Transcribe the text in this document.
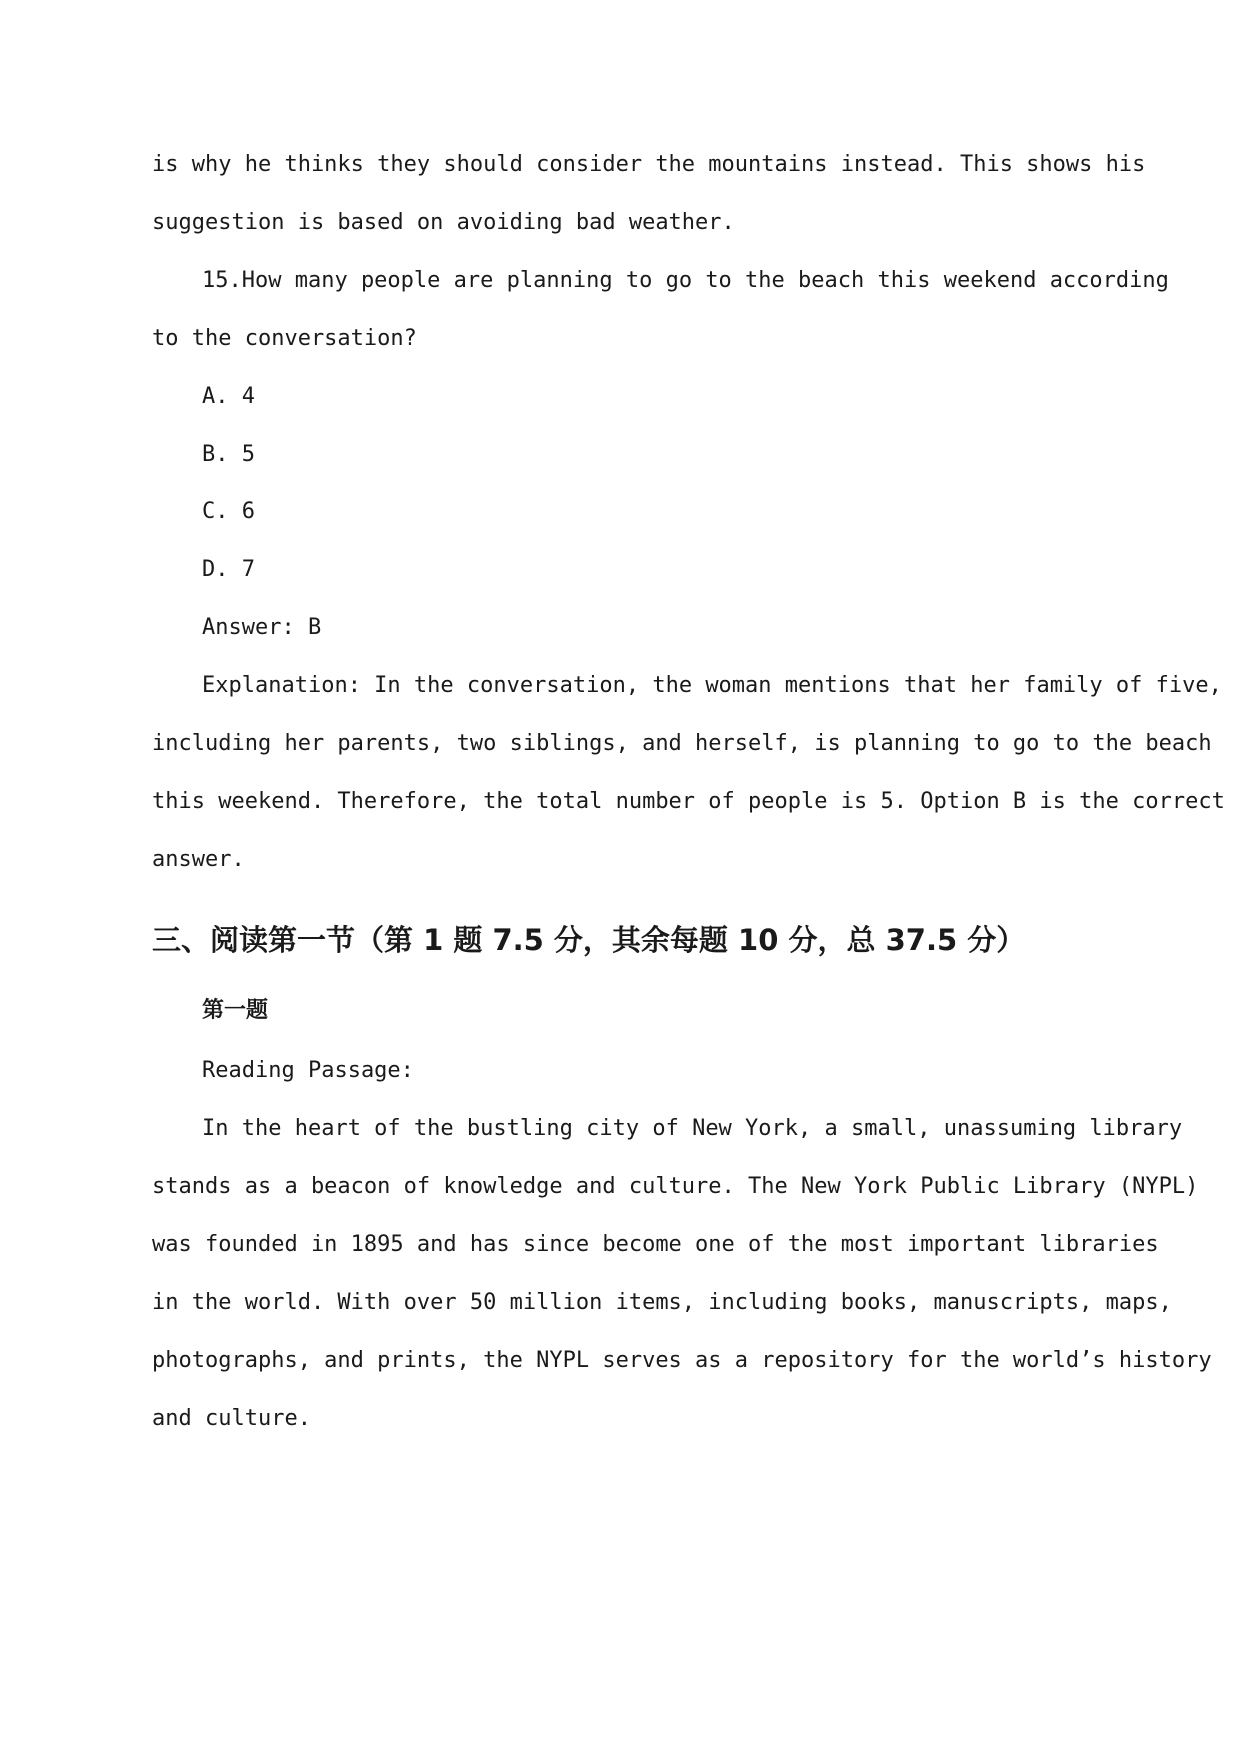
is why he thinks they should consider the mountains instead. This shows his
suggestion is based on avoiding bad weather.
15.How many people are planning to go to the beach this weekend according
to the conversation?
A. 4
B. 5
C. 6
D. 7
Answer: B
Explanation: In the conversation, the woman mentions that her family of five,
including her parents, two siblings, and herself, is planning to go to the beach
this weekend. Therefore, the total number of people is 5. Option B is the correct
answer.
三、阅读第一节（第 1 题 7.5 分，其余每题 10 分，总 37.5 分）
第一题
Reading Passage:
In the heart of the bustling city of New York, a small, unassuming library
stands as a beacon of knowledge and culture. The New York Public Library (NYPL)
was founded in 1895 and has since become one of the most important libraries
in the world. With over 50 million items, including books, manuscripts, maps,
photographs, and prints, the NYPL serves as a repository for the world’s history
and culture.
